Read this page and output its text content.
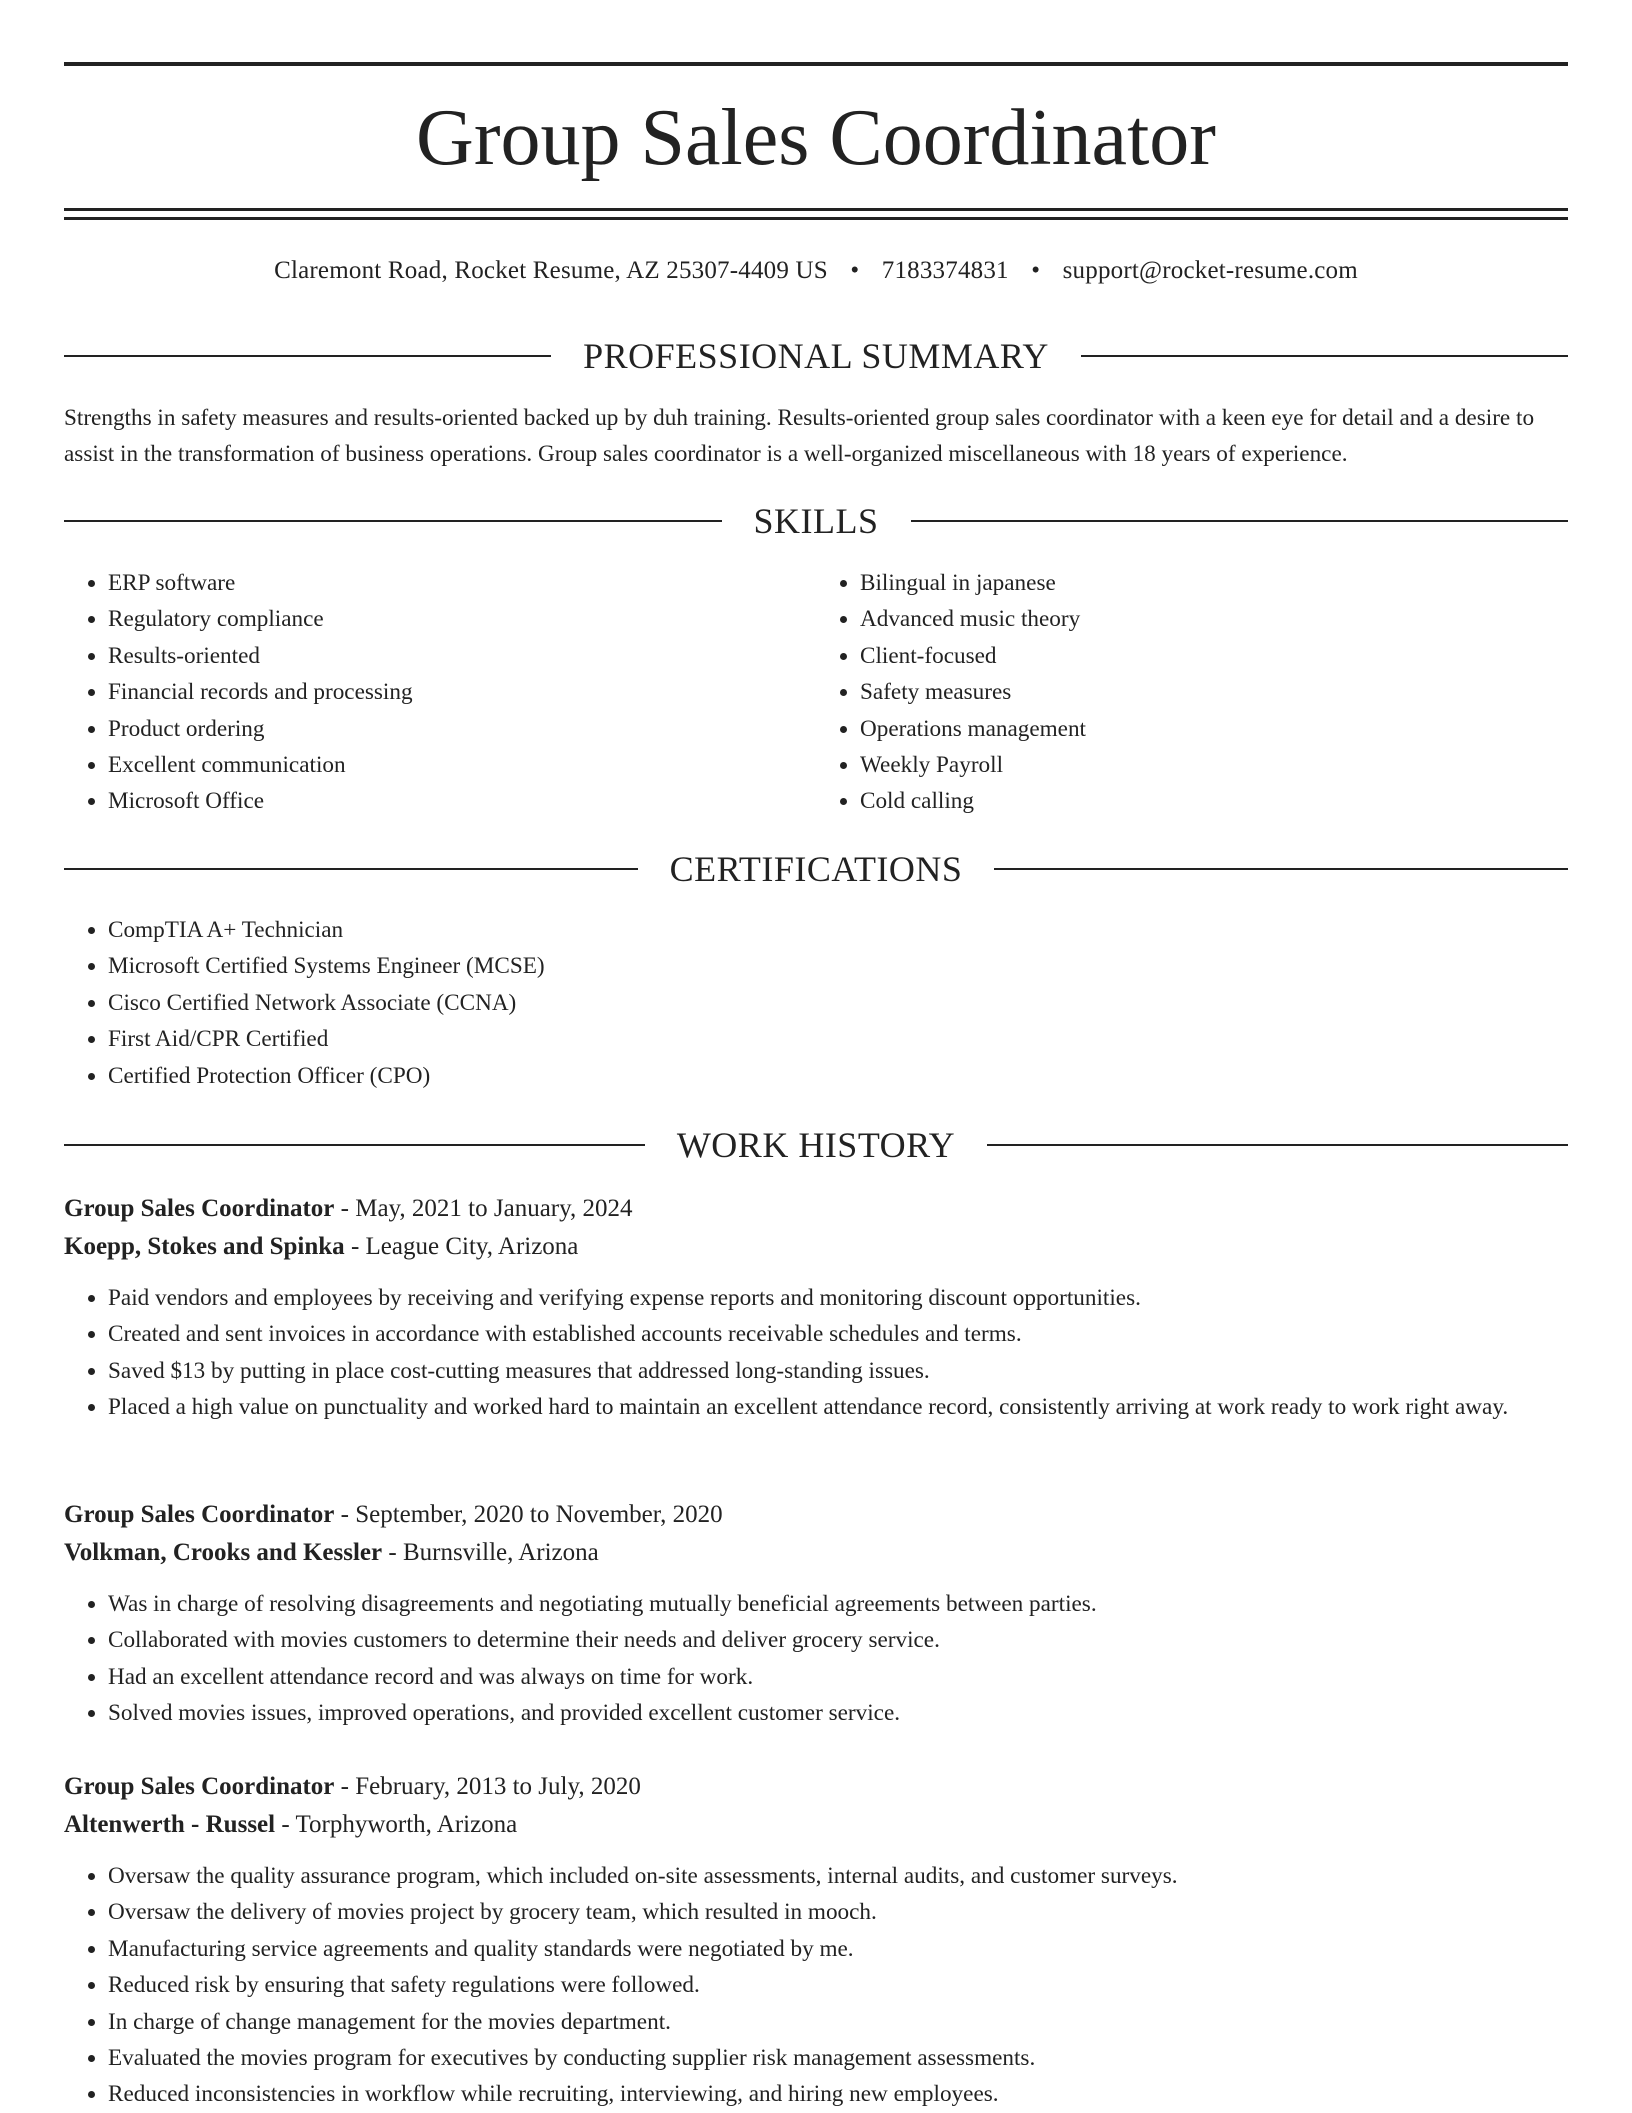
Group Sales Coordinator
Claremont Road, Rocket Resume, AZ 25307-4409 US • 7183374831 • support@rocket-resume.com
PROFESSIONAL SUMMARY

Strengths in safety measures and results-oriented backed up by duh training. Results-oriented group sales coordinator with a keen eye for detail and a desire to assist in the transformation of business operations. Group sales coordinator is a well-organized miscellaneous with 18 years of experience.

SKILLS
• ERP software
• Regulatory compliance
• Results-oriented
• Financial records and processing
• Product ordering
• Excellent communication
• Microsoft Office
• Bilingual in japanese
• Advanced music theory
• Client-focused
• Safety measures
• Operations management
• Weekly Payroll
• Cold calling
CERTIFICATIONS
• CompTIA A+ Technician
• Microsoft Certified Systems Engineer (MCSE)
• Cisco Certified Network Associate (CCNA)
• First Aid/CPR Certified
• Certified Protection Officer (CPO)
WORK HISTORY
Group Sales Coordinator - May, 2021 to January, 2024
Koepp, Stokes and Spinka - League City, Arizona
• Paid vendors and employees by receiving and verifying expense reports and monitoring discount opportunities.
• Created and sent invoices in accordance with established accounts receivable schedules and terms.
• Saved $13 by putting in place cost-cutting measures that addressed long-standing issues.
• Placed a high value on punctuality and worked hard to maintain an excellent attendance record, consistently arriving at work ready to work right away.
Group Sales Coordinator - September, 2020 to November, 2020
Volkman, Crooks and Kessler - Burnsville, Arizona
• Was in charge of resolving disagreements and negotiating mutually beneficial agreements between parties.
• Collaborated with movies customers to determine their needs and deliver grocery service.
• Had an excellent attendance record and was always on time for work.
• Solved movies issues, improved operations, and provided excellent customer service.
Group Sales Coordinator - February, 2013 to July, 2020
Altenwerth - Russel - Torphyworth, Arizona
• Oversaw the quality assurance program, which included on-site assessments, internal audits, and customer surveys.
• Oversaw the delivery of movies project by grocery team, which resulted in mooch.
• Manufacturing service agreements and quality standards were negotiated by me.
• Reduced risk by ensuring that safety regulations were followed.
• In charge of change management for the movies department.
• Evaluated the movies program for executives by conducting supplier risk management assessments.
• Reduced inconsistencies in workflow while recruiting, interviewing, and hiring new employees.
